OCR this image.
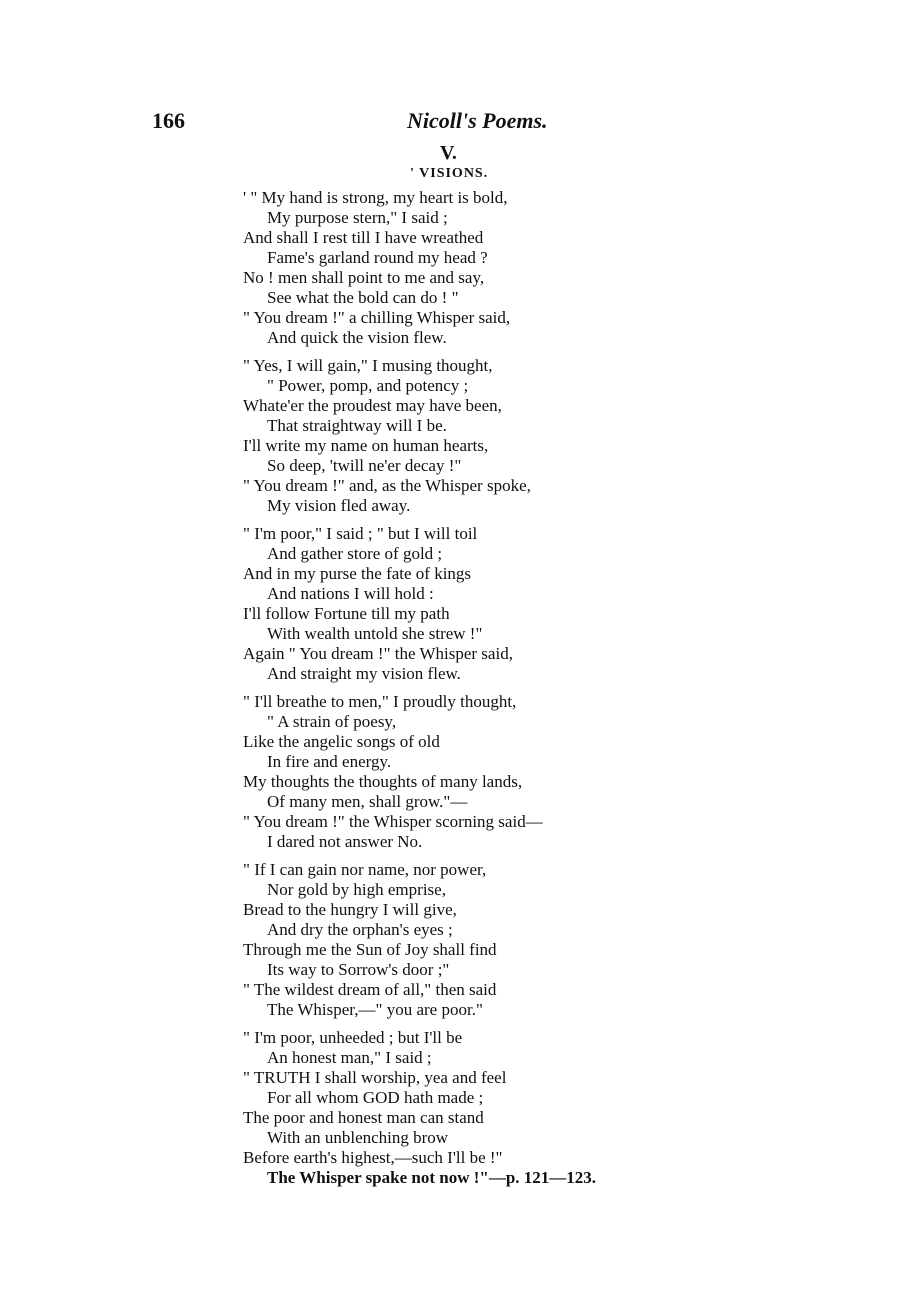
166	Nicoll's Poems.
V.
' VISIONS.
' " My hand is strong, my heart is bold,
My purpose stern," I said ;
And shall I rest till I have wreathed
Fame's garland round my head ?
No ! men shall point to me and say,
See what the bold can do ! "
" You dream !" a chilling Whisper said,
And quick the vision flew.
" Yes, I will gain," I musing thought,
" Power, pomp, and potency ;
Whate'er the proudest may have been,
That straightway will I be.
I'll write my name on human hearts,
So deep, 'twill ne'er decay !"
" You dream !" and, as the Whisper spoke,
My vision fled away.
" I'm poor," I said ; " but I will toil
And gather store of gold ;
And in my purse the fate of kings
And nations I will hold :
I'll follow Fortune till my path
With wealth untold she strew !"
Again " You dream !" the Whisper said,
And straight my vision flew.
" I'll breathe to men," I proudly thought,
" A strain of poesy,
Like the angelic songs of old
In fire and energy.
My thoughts the thoughts of many lands,
Of many men, shall grow."—
" You dream !" the Whisper scorning said—
I dared not answer No.
" If I can gain nor name, nor power,
Nor gold by high emprise,
Bread to the hungry I will give,
And dry the orphan's eyes ;
Through me the Sun of Joy shall find
Its way to Sorrow's door ;"
" The wildest dream of all," then said
The Whisper,—" you are poor."
" I'm poor, unheeded ; but I'll be
An honest man," I said ;
" TRUTH I shall worship, yea and feel
For all whom GOD hath made ;
The poor and honest man can stand
With an unblenching brow
Before earth's highest,—such I'll be !"
The Whisper spake not now !"—p. 121—123.
